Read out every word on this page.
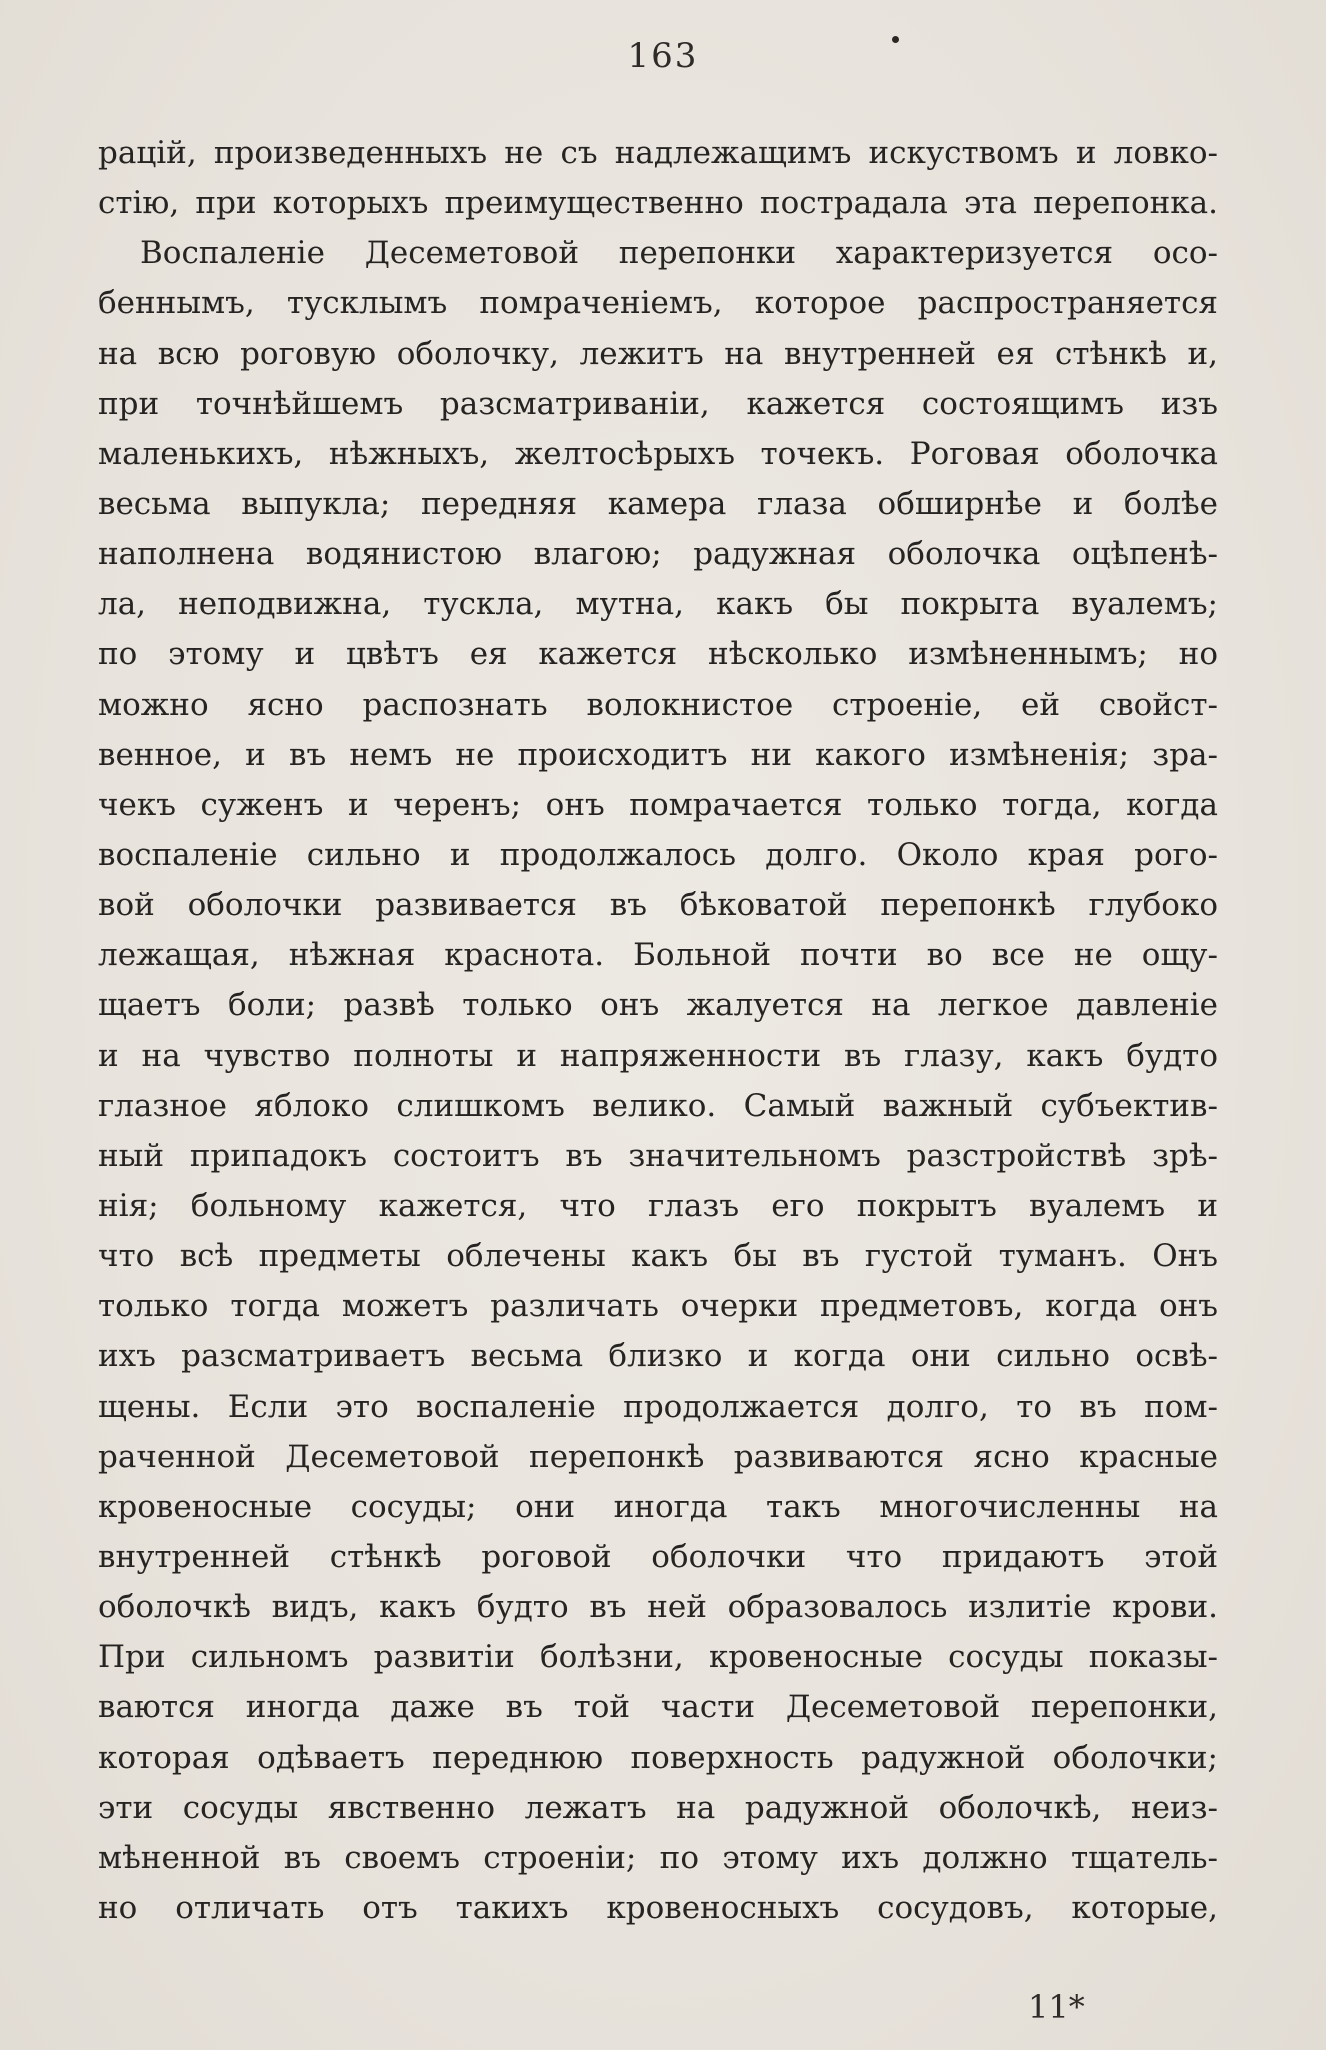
163
рацій, произведенныхъ не съ надлежащимъ искуствомъ и ловко-
стію, при которыхъ преимущественно пострадала эта перепонка.
Воспаленіе Десеметовой перепонки характеризуется осо-
беннымъ, тусклымъ помраченіемъ, которое распространяется
на всю роговую оболочку, лежитъ на внутренней ея стѣнкѣ и,
при точнѣйшемъ разсматриваніи, кажется состоящимъ изъ
маленькихъ, нѣжныхъ, желтосѣрыхъ точекъ. Роговая оболочка
весьма выпукла; передняя камера глаза обширнѣе и болѣе
наполнена водянистою влагою; радужная оболочка оцѣпенѣ-
ла, неподвижна, тускла, мутна, какъ бы покрыта вуалемъ;
по этому и цвѣтъ ея кажется нѣсколько измѣненнымъ; но
можно ясно распознать волокнистое строеніе, ей свойст-
венное, и въ немъ не происходитъ ни какого измѣненія; зра-
чекъ суженъ и черенъ; онъ помрачается только тогда, когда
воспаленіе сильно и продолжалось долго. Около края рого-
вой оболочки развивается въ бѣковатой перепонкѣ глубоко
лежащая, нѣжная краснота. Больной почти во все не ощу-
щаетъ боли; развѣ только онъ жалуется на легкое давленіе
и на чувство полноты и напряженности въ глазу, какъ будто
глазное яблоко слишкомъ велико. Самый важный субъектив-
ный припадокъ состоитъ въ значительномъ разстройствѣ зрѣ-
нія; больному кажется, что глазъ его покрытъ вуалемъ и
что всѣ предметы облечены какъ бы въ густой туманъ. Онъ
только тогда можетъ различать очерки предметовъ, когда онъ
ихъ разсматриваетъ весьма близко и когда они сильно освѣ-
щены. Если это воспаленіе продолжается долго, то въ пом-
раченной Десеметовой перепонкѣ развиваются ясно красные
кровеносные сосуды; они иногда такъ многочисленны на
внутренней стѣнкѣ роговой оболочки что придаютъ этой
оболочкѣ видъ, какъ будто въ ней образовалось излитіе крови.
При сильномъ развитіи болѣзни, кровеносные сосуды показы-
ваются иногда даже въ той части Десеметовой перепонки,
которая одѣваетъ переднюю поверхность радужной оболочки;
эти сосуды явственно лежатъ на радужной оболочкѣ, неиз-
мѣненной въ своемъ строеніи; по этому ихъ должно тщатель-
но отличать отъ такихъ кровеносныхъ сосудовъ, которые,
11*
